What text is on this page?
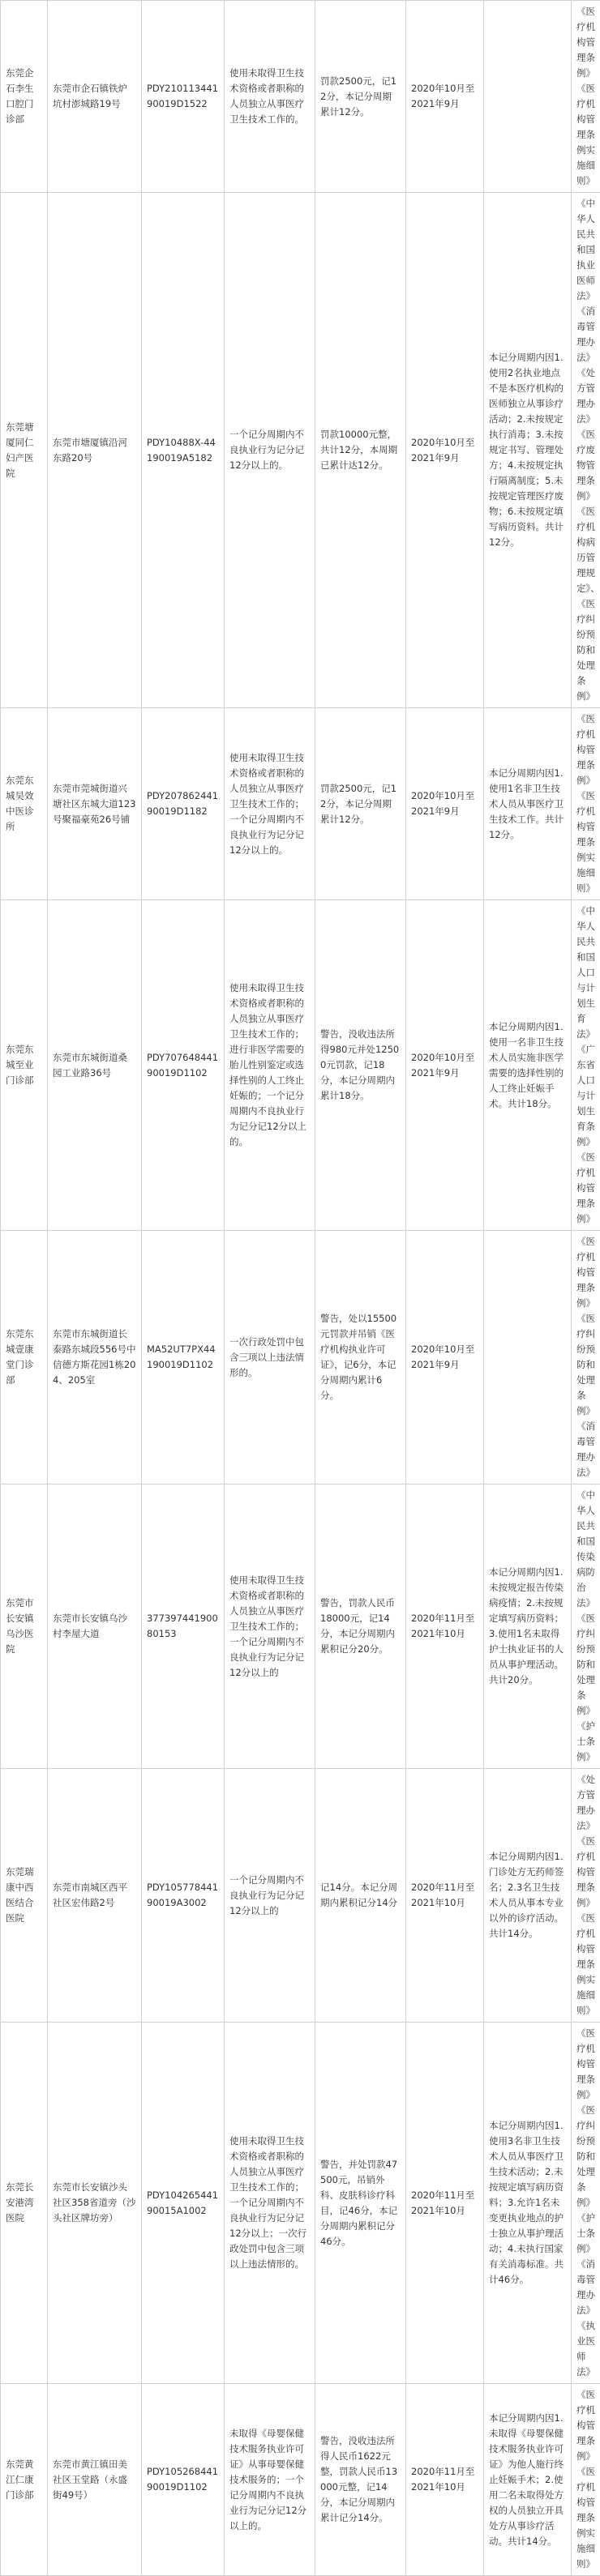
东莞企石李生口腔门诊部	东莞市企石镇铁炉坑村澎城路19号	PDY21011344190019D1522	使用未取得卫生技术资格或者职称的人员独立从事医疗卫生技术工作的。	罚款2500元，记12分，本记分周期累计12分。	2020年10月至2021年9月		《医疗机构管理条例》《医疗机构管理条例实施细则》
东莞塘厦同仁妇产医院	东莞市塘厦镇沿河东路20号	PDY10488X-44190019A5182	一个记分周期内不良执业行为记分记12分以上的。	罚款10000元整，共计12分，本周期已累计达12分。	2020年10月至2021年9月	本记分周期内因1.使用2名执业地点不是本医疗机构的医师独立从事诊疗活动；2.未按规定执行消毒；3.未按规定书写、管理处方；4.未按规定执行隔离制度；5.未按规定管理医疗废物；6.未按规定填写病历资料。共计12分。	《中华人民共和国执业医师法》《消毒管理办法》《处方管理办法》《医疗废物管理条例》《医疗机构病历管理规定》、《医疗纠纷预防和处理条例》
东莞东城吴效中医诊所	东莞市莞城街道兴塘社区东城大道123号聚福豪苑26号铺	PDY20786244190019D1182	使用未取得卫生技术资格或者职称的人员独立从事医疗卫生技术工作的；一个记分周期内不良执业行为记分记12分以上的。	罚款2500元，记12分，本记分周期累计12分。	2020年10月至2021年9月	本记分周期内因1.使用1名非卫生技术人员从事医疗卫生技术工作。共计12分。	《医疗机构管理条例》《医疗机构管理条例实施细则》
东莞东城至业门诊部	东莞市东城街道桑园工业路36号	PDY70764844190019D1102	使用未取得卫生技术资格或者职称的人员独立从事医疗卫生技术工作的；进行非医学需要的胎儿性别鉴定或选择性别的人工终止妊娠的；一个记分周期内不良执业行为记分记12分以上的。	警告，没收违法所得980元并处12500元罚款，记18分，本记分周期内累计18分。	2020年10月至2021年9月	本记分周期内因1.使用一名非卫生技术人员实施非医学需要的选择性别的人工终止妊娠手术。共计18分。	《中华人民共和国人口与计划生育法》《广东省人口与计划生育条例》《医疗机构管理条例》
东莞东城壹康堂门诊部	东莞市东城街道长泰路东城段556号中信德方斯花园1栋204、205室	MA52UT7PX44190019D1102	一次行政处罚中包含三项以上违法情形的。	警告，处以15500元罚款并吊销《医疗机构执业许可证》，记6分，本记分周期内累计6分。	2020年10月至2021年9月		《医疗机构管理条例》《医疗纠纷预防和处理条例》《消毒管理办法》
东莞市长安镇乌沙医院	东莞市长安镇乌沙村李屋大道	37739744190080153	使用未取得卫生技术资格或者职称的人员独立从事医疗卫生技术工作的；一个记分周期内不良执业行为记分记12分以上的	警告，罚款人民币18000元，记14分，本记分周期内累积记分20分。	2020年11月至2021年10月	本记分周期内因1.未按规定报告传染病疫情；2.未按规定填写病历资料；3.使用1名未取得护士执业证书的人员从事护理活动。共计20分。	《中华人民共和国传染病防治法》《医疗纠纷预防和处理条例》《护士条例》
东莞瑞康中西医结合医院	东莞市南城区西平社区宏伟路2号	PDY10577844190019A3002	一个记分周期内不良执业行为记分记12分以上的	记14分。本记分周期内累积记分14分	2020年11月至2021年10月	本记分周期内因1.门诊处方无药师签名；2.3名卫生技术人员从事本专业以外的诊疗活动。共计14分。	《处方管理办法》《医疗机构管理条例》《医疗机构管理条例实施细则》
东莞长安港湾医院	东莞市长安镇沙头社区358省道旁（沙头社区牌坊旁）	PDY10426544190015A1002	使用未取得卫生技术资格或者职称的人员独立从事医疗卫生技术工作的；一个记分周期内不良执业行为记分记12分以上；一次行政处罚中包含三项以上违法情形的。	警告，并处罚款47500元，吊销外科、皮肤科诊疗科目，记46分，本记分周期内累积记分46分。	2020年11月至2021年10月	本记分周期内因1.使用3名非卫生技术人员从事医疗卫生技术活动；2.未按规定填写病历资料；3.允许1名未变更执业地点的护士独立从事护理活动；4.未执行国家有关消毒标准。共计46分。	《医疗机构管理条例》《医疗纠纷预防和处理条例》《护士条例》《消毒管理办法》《执业医师法》
东莞黄江仁康门诊部	东莞市黄江镇田美社区玉堂路（永盛街49号）	PDY10526844190019D1102	未取得《母婴保健技术服务执业许可证》从事母婴保健技术服务的；一个记分周期内不良执业行为记分记12分以上的。	警告，没收违法所得人民币1622元整，罚款人民币13000元整，记14分，本记分周期内累计记分14分。	2020年11月至2021年10月	本记分周期内因1.未取得《母婴保健技术服务执业许可证》为他人施行终止妊娠手术；2.使用二名未取得处方权的人员独立开具处方从事诊疗活动。共计14分。	《医疗机构管理条例》《医疗机构管理条例实施细则》
